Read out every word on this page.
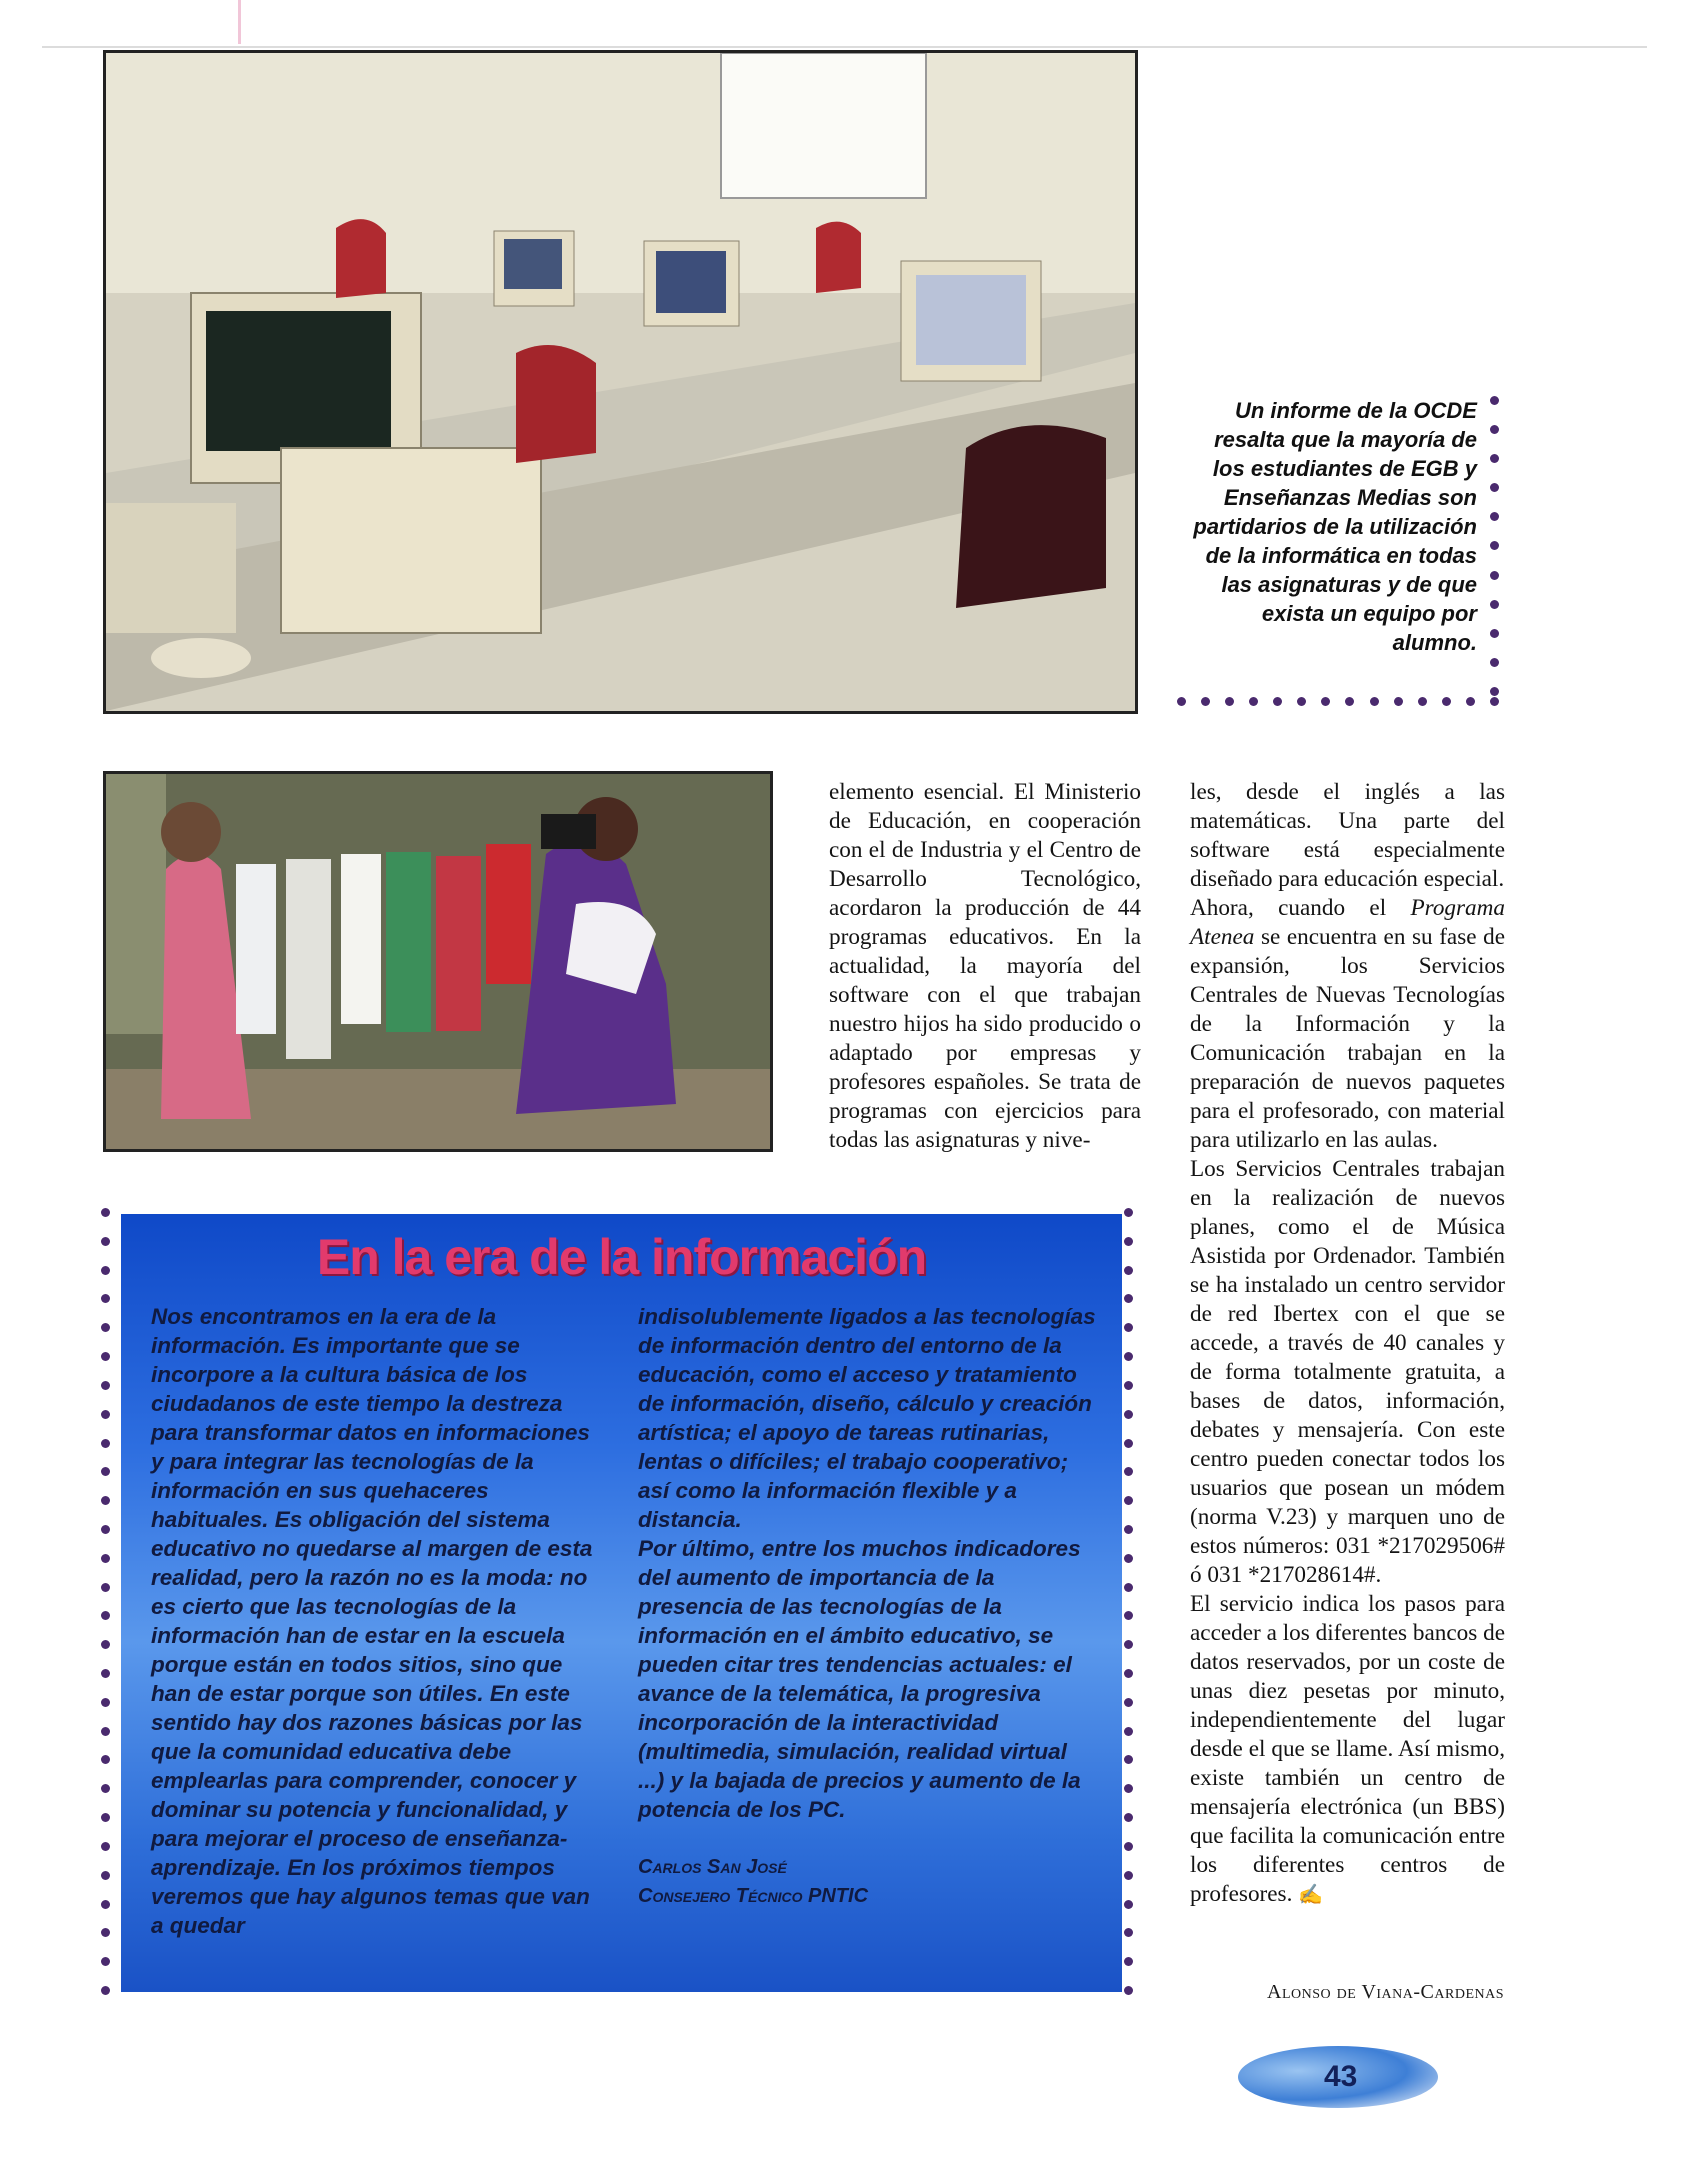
Un informe de la OCDE resalta que la mayoría de los estudiantes de EGB y Enseñanzas Medias son partidarios de la utilización de la informática en todas las asignaturas y de que exista un equipo por alumno.

elemento esencial. El Ministerio de Educación, en cooperación con el de Industria y el Centro de Desarrollo Tecnológico, acordaron la producción de 44 programas educativos. En la actualidad, la mayoría del software con el que trabajan nuestro hijos ha sido producido o adaptado por empresas y profesores españoles. Se trata de programas con ejercicios para todas las asignaturas y nive-

les, desde el inglés a las matemáticas. Una parte del software está especialmente diseñado para educación especial.

Ahora, cuando el Programa Atenea se encuentra en su fase de expansión, los Servicios Centrales de Nuevas Tecnologías de la Información y la Comunicación trabajan en la preparación de nuevos paquetes para el profesorado, con material para utilizarlo en las aulas.

Los Servicios Centrales trabajan en la realización de nuevos planes, como el de Música Asistida por Ordenador. También se ha instalado un centro servidor de red Ibertex con el que se accede, a través de 40 canales y de forma totalmente gratuita, a bases de datos, información, debates y mensajería. Con este centro pueden conectar todos los usuarios que posean un módem (norma V.23) y marquen uno de estos números: 031 *217029506# ó 031 *217028614#.

El servicio indica los pasos para acceder a los diferentes bancos de datos reservados, por un coste de unas diez pesetas por minuto, independientemente del lugar desde el que se llame. Así mismo, existe también un centro de mensajería electrónica (un BBS) que facilita la comunicación entre los diferentes centros de profesores. ✍

Alonso de Viana-Cardenas
En la era de la información

Nos encontramos en la era de la información. Es importante que se incorpore a la cultura básica de los ciudadanos de este tiempo la destreza para transformar datos en informaciones y para integrar las tecnologías de la información en sus quehaceres habituales. Es obligación del sistema educativo no quedarse al margen de esta realidad, pero la razón no es la moda: no es cierto que las tecnologías de la información han de estar en la escuela porque están en todos sitios, sino que han de estar porque son útiles. En este sentido hay dos razones básicas por las que la comunidad educativa debe emplearlas para comprender, conocer y dominar su potencia y funcionalidad, y para mejorar el proceso de enseñanza-aprendizaje. En los próximos tiempos veremos que hay algunos temas que van a quedar

indisolublemente ligados a las tecnologías de información dentro del entorno de la educación, como el acceso y tratamiento de información, diseño, cálculo y creación artística; el apoyo de tareas rutinarias, lentas o difíciles; el trabajo cooperativo; así como la información flexible y a distancia.

Por último, entre los muchos indicadores del aumento de importancia de la presencia de las tecnologías de la información en el ámbito educativo, se pueden citar tres tendencias actuales: el avance de la telemática, la progresiva incorporación de la interactividad (multimedia, simulación, realidad virtual ...) y la bajada de precios y aumento de la potencia de los PC.

Carlos San José

Consejero Técnico PNTIC

43
